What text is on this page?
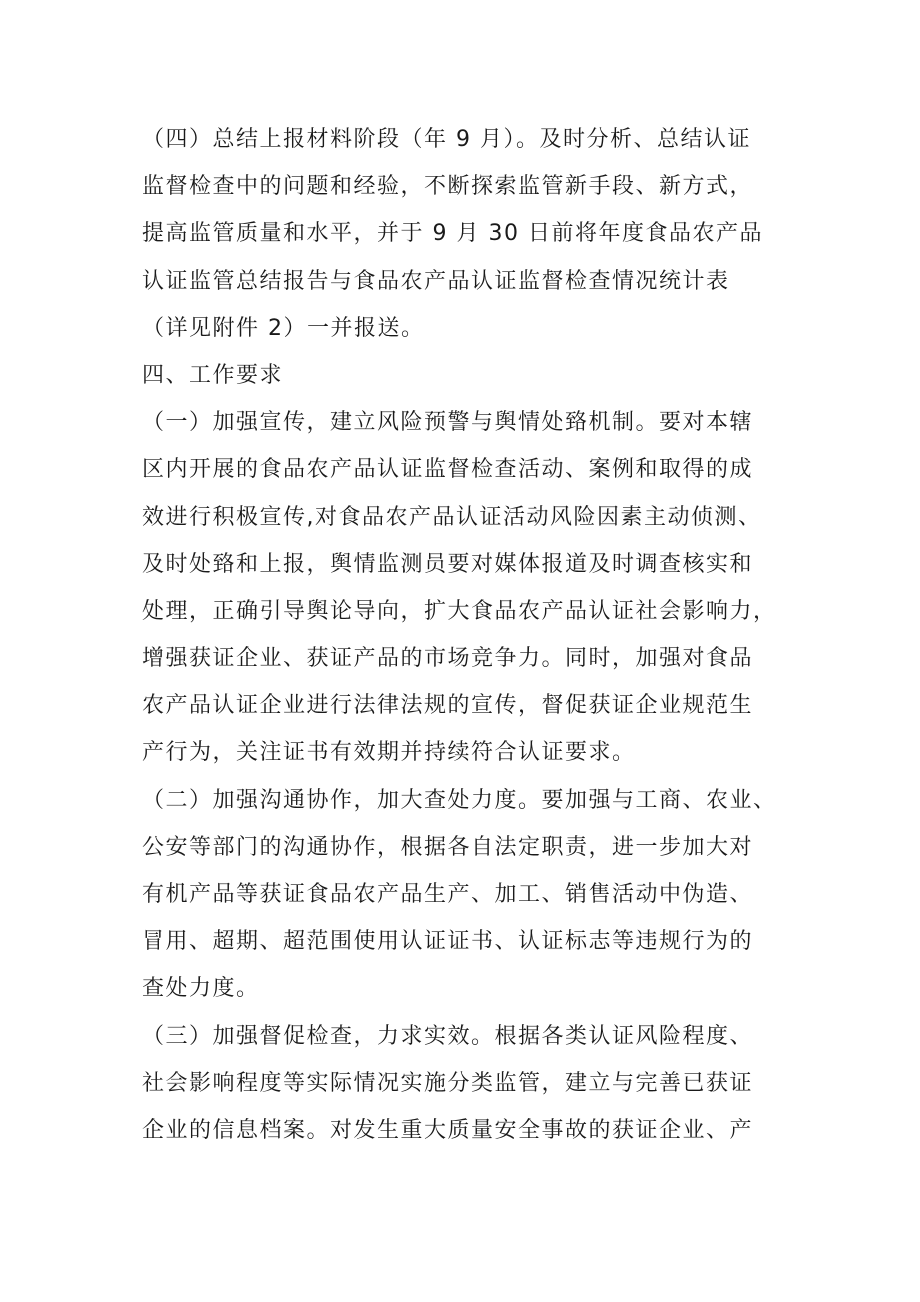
（四）总结上报材料阶段（年 9 月）。及时分析、总结认证
监督检查中的问题和经验，不断探索监管新手段、新方式，
提高监管质量和水平，并于 9 月 30 日前将年度食品农产品
认证监管总结报告与食品农产品认证监督检查情况统计表
（详见附件 2）一并报送。
四、工作要求
（一）加强宣传，建立风险预警与舆情处臵机制。要对本辖
区内开展的食品农产品认证监督检查活动、案例和取得的成
效进行积极宣传,对食品农产品认证活动风险因素主动侦测、
及时处臵和上报，舆情监测员要对媒体报道及时调查核实和
处理，正确引导舆论导向，扩大食品农产品认证社会影响力，
增强获证企业、获证产品的市场竞争力。同时，加强对食品
农产品认证企业进行法律法规的宣传，督促获证企业规范生
产行为，关注证书有效期并持续符合认证要求。
（二）加强沟通协作，加大查处力度。要加强与工商、农业、
公安等部门的沟通协作，根据各自法定职责，进一步加大对
有机产品等获证食品农产品生产、加工、销售活动中伪造、
冒用、超期、超范围使用认证证书、认证标志等违规行为的
查处力度。
（三）加强督促检查，力求实效。根据各类认证风险程度、
社会影响程度等实际情况实施分类监管，建立与完善已获证
企业的信息档案。对发生重大质量安全事故的获证企业、产
